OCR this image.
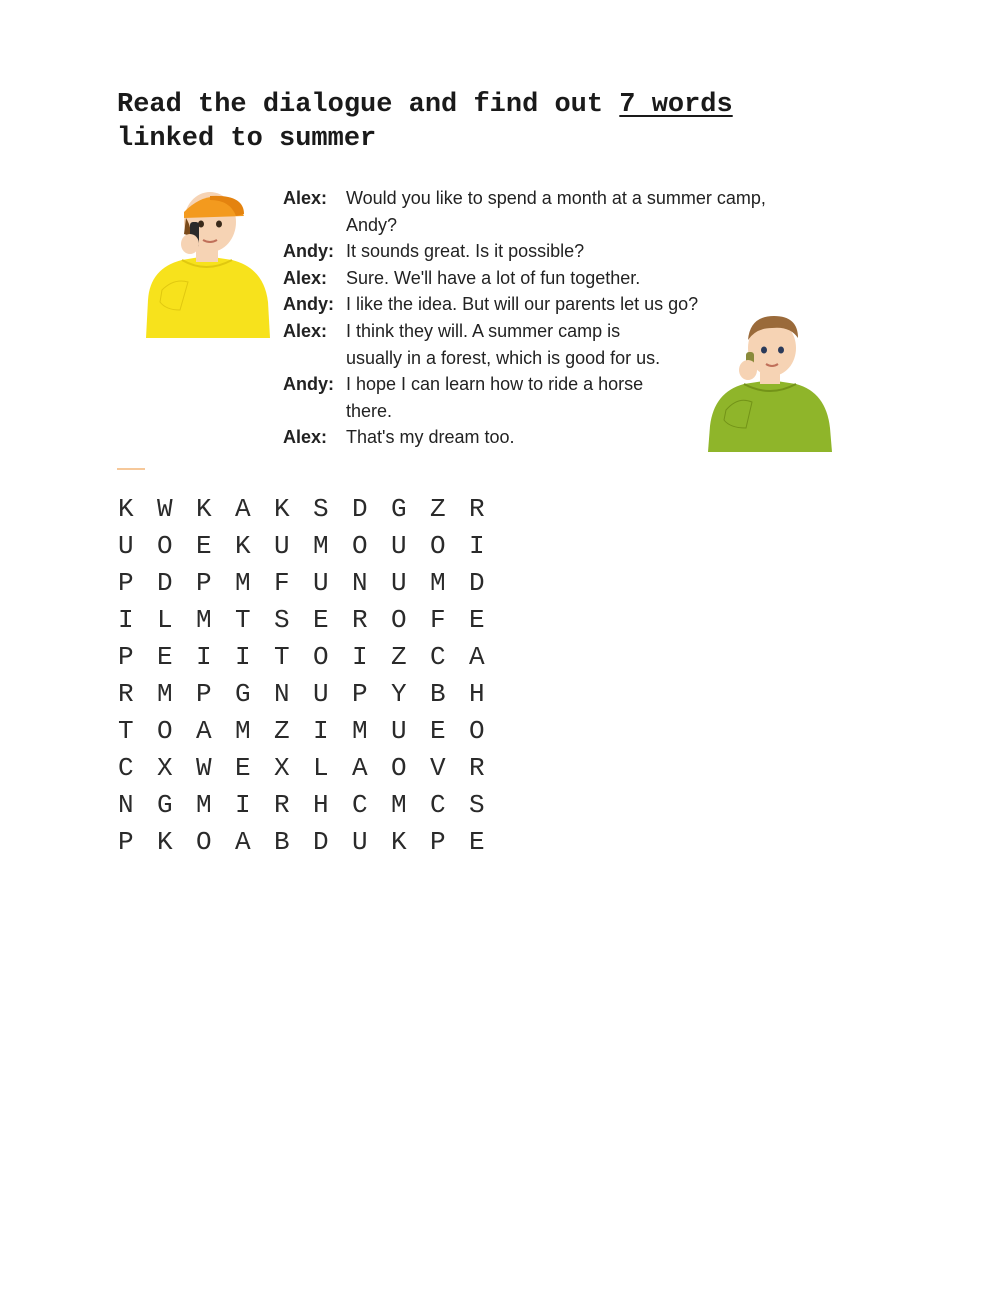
Read the dialogue and find out 7 words linked to summer
Alex:	Would you like to spend a month at a summer camp,
Andy?
Andy: It sounds great. Is it possible?
Alex:	Sure. We'll have a lot of fun together.
Andy: I like the idea. But will our parents let us go?
Alex:	I think they will. A summer camp is
usually in a forest, which is good for us.
Andy: I hope I can learn how to ride a horse
there.
Alex:	That's my dream too.
K W K A K S D G Z R
U O E K U M O U O I
P D P M F U N U M D
I L M T S E R O F E
P E I I T O I Z C A
R M P G N U P Y B H
T O A M Z I M U E O
C X W E X L A O V R
N G M I R H C M C S
P K O A B D U K P E
